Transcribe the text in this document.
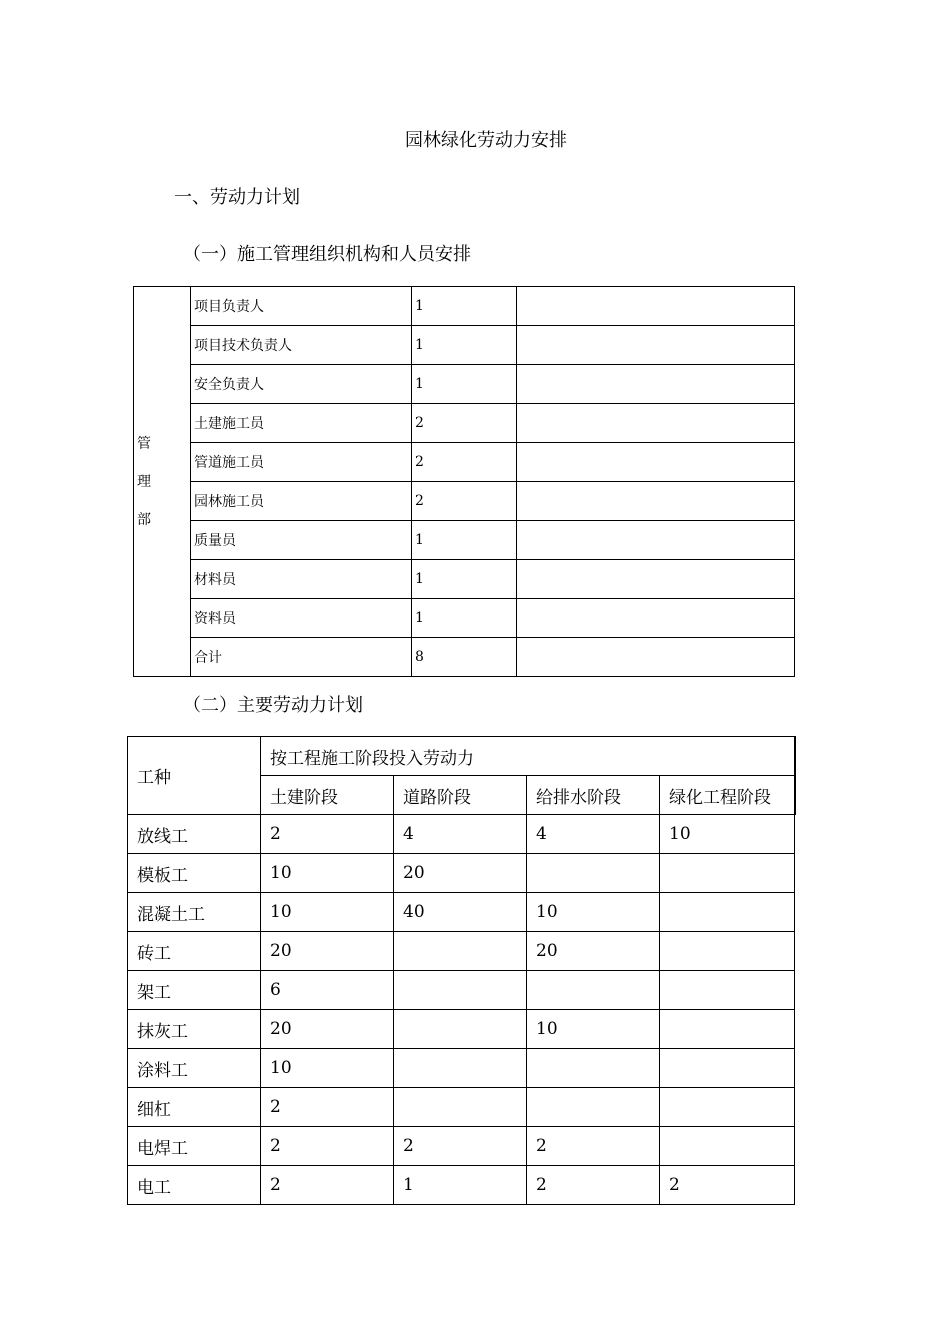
园林绿化劳动力安排
一、劳动力计划
（一）施工管理组织机构和人员安排
管
理
部	项目负责人	1	
	项目技术负责人	1	
	安全负责人	1	
	土建施工员	2	
	管道施工员	2	
	园林施工员	2	
	质量员	1	
	材料员	1	
	资料员	1	
	合计	8	
（二）主要劳动力计划
工种	按工程施工阶段投入劳动力			
	土建阶段	道路阶段	给排水阶段	绿化工程阶段
放线工	2	4	4	10
模板工	10	20		
混凝土工	10	40	10	
砖工	20		20	
架工	6			
抹灰工	20		10	
涂料工	10			
细杠	2			
电焊工	2	2	2	
电工	2	1	2	2
